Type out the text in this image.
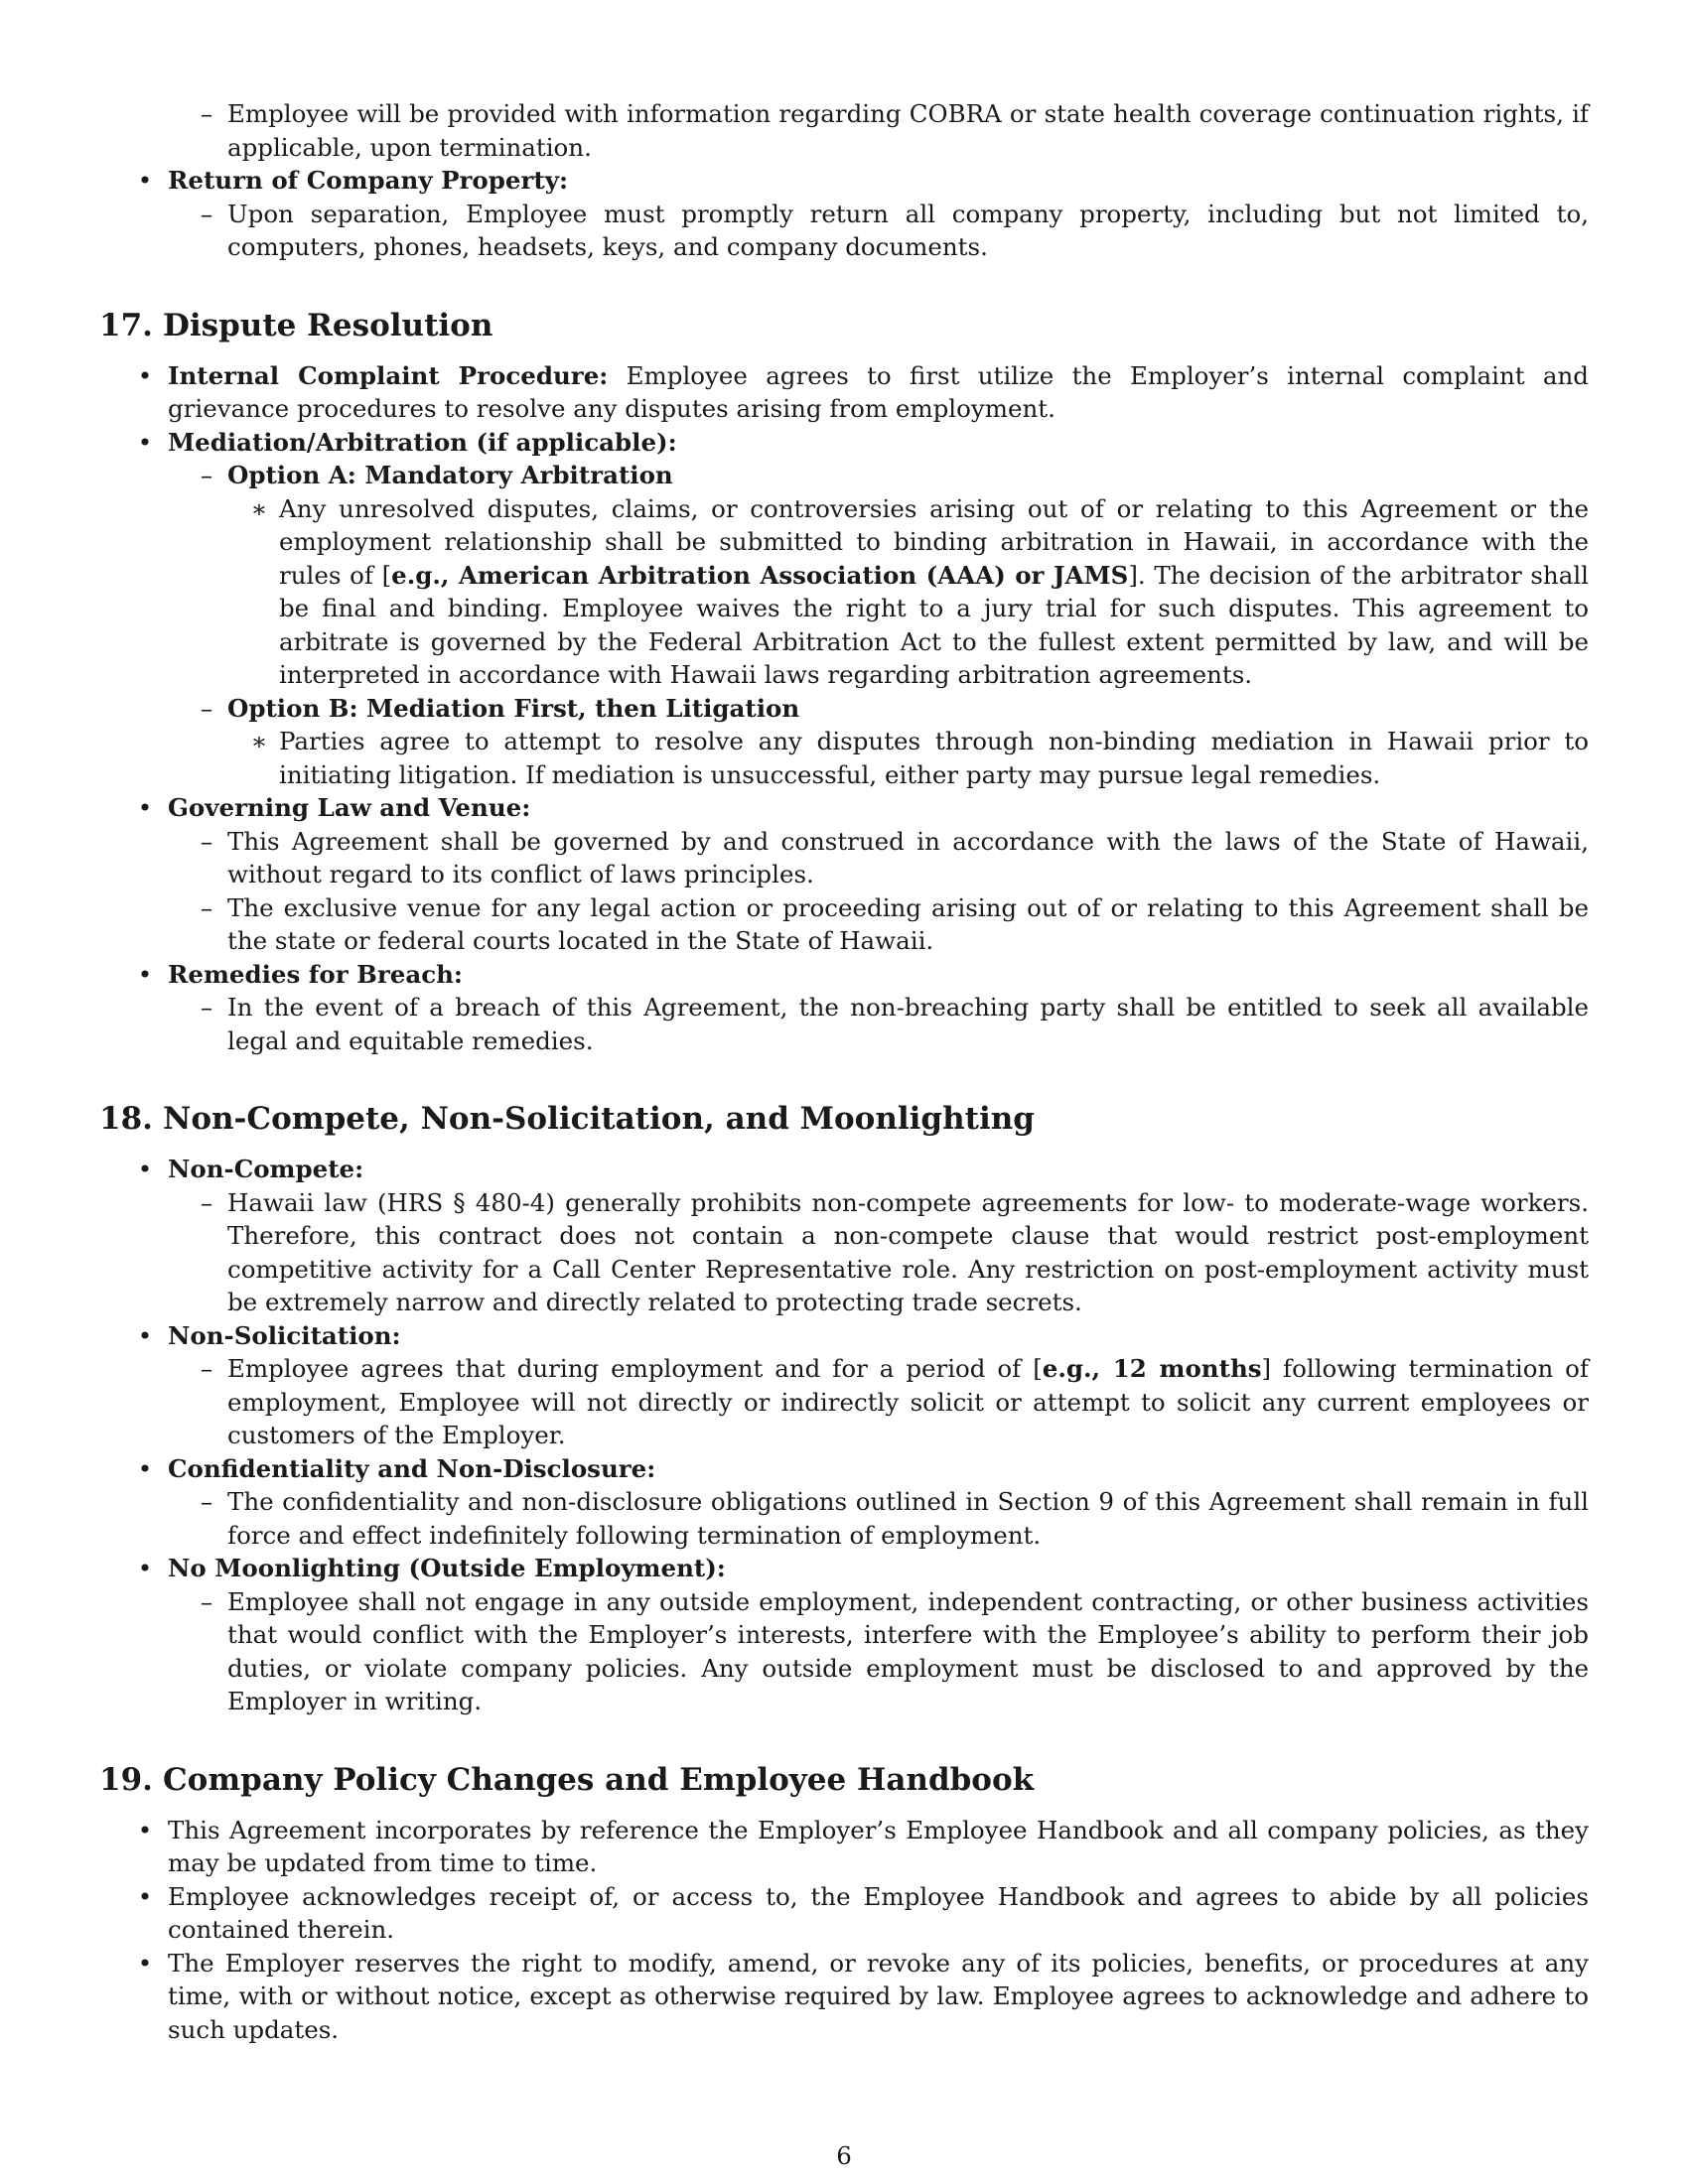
– Employee will be provided with information regarding COBRA or state health coverage continuation rights, if applicable, upon termination.
• Return of Company Property:
– Upon separation, Employee must promptly return all company property, including but not limited to, computers, phones, headsets, keys, and company documents.
17. Dispute Resolution
• Internal Complaint Procedure: Employee agrees to first utilize the Employer’s internal complaint and grievance procedures to resolve any disputes arising from employment.
• Mediation/Arbitration (if applicable):
– Option A: Mandatory Arbitration
∗ Any unresolved disputes, claims, or controversies arising out of or relating to this Agreement or the employment relationship shall be submitted to binding arbitration in Hawaii, in accordance with the rules of [e.g., American Arbitration Association (AAA) or JAMS]. The decision of the arbitrator shall be final and binding. Employee waives the right to a jury trial for such disputes. This agreement to arbitrate is governed by the Federal Arbitration Act to the fullest extent permitted by law, and will be interpreted in accordance with Hawaii laws regarding arbitration agreements.
– Option B: Mediation First, then Litigation
∗ Parties agree to attempt to resolve any disputes through non-binding mediation in Hawaii prior to initiating litigation. If mediation is unsuccessful, either party may pursue legal remedies.
• Governing Law and Venue:
– This Agreement shall be governed by and construed in accordance with the laws of the State of Hawaii, without regard to its conflict of laws principles.
– The exclusive venue for any legal action or proceeding arising out of or relating to this Agreement shall be the state or federal courts located in the State of Hawaii.
• Remedies for Breach:
– In the event of a breach of this Agreement, the non-breaching party shall be entitled to seek all available legal and equitable remedies.
18. Non-Compete, Non-Solicitation, and Moonlighting
• Non-Compete:
– Hawaii law (HRS § 480-4) generally prohibits non-compete agreements for low- to moderate-wage workers. Therefore, this contract does not contain a non-compete clause that would restrict post-employment competitive activity for a Call Center Representative role. Any restriction on post-employment activity must be extremely narrow and directly related to protecting trade secrets.
• Non-Solicitation:
– Employee agrees that during employment and for a period of [e.g., 12 months] following termination of employment, Employee will not directly or indirectly solicit or attempt to solicit any current employees or customers of the Employer.
• Confidentiality and Non-Disclosure:
– The confidentiality and non-disclosure obligations outlined in Section 9 of this Agreement shall remain in full force and effect indefinitely following termination of employment.
• No Moonlighting (Outside Employment):
– Employee shall not engage in any outside employment, independent contracting, or other business activities that would conflict with the Employer’s interests, interfere with the Employee’s ability to perform their job duties, or violate company policies. Any outside employment must be disclosed to and approved by the Employer in writing.
19. Company Policy Changes and Employee Handbook
• This Agreement incorporates by reference the Employer’s Employee Handbook and all company policies, as they may be updated from time to time.
• Employee acknowledges receipt of, or access to, the Employee Handbook and agrees to abide by all policies contained therein.
• The Employer reserves the right to modify, amend, or revoke any of its policies, benefits, or procedures at any time, with or without notice, except as otherwise required by law. Employee agrees to acknowledge and adhere to such updates.
6
